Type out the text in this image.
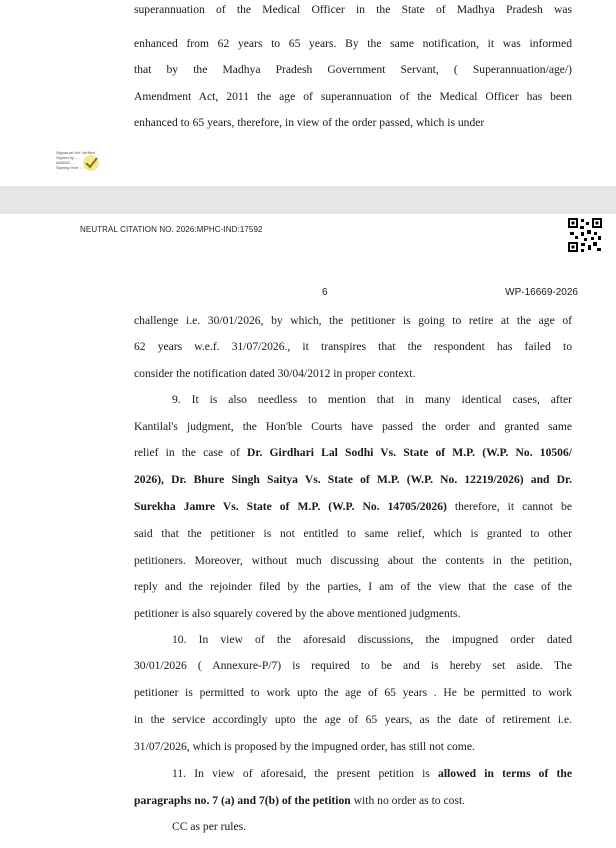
superannuation of the Medical Officer in the State of Madhya Pradesh was
enhanced from 62 years to 65 years. By the same notification, it was informed
that by the Madhya Pradesh Government Servant, ( Superannuation/age/)
Amendment Act, 2011 the age of superannuation of the Medical Officer has been
enhanced to 65 years, therefore, in view of the order passed, which is under
Signature Not Verified
Signed by: ...
ANAND ...
Signing time: ...
...
NEUTRAL CITATION NO. 2026:MPHC-IND:17592
6	WP-16669-2026
challenge i.e. 30/01/2026, by which, the petitioner is going to retire at the age of
62 years w.e.f. 31/07/2026., it transpires that the respondent has failed to
consider the notification dated 30/04/2012 in proper context.
9. It is also needless to mention that in many identical cases, after
Kantilal's judgment, the Hon'ble Courts have passed the order and granted same
relief in the case of Dr. Girdhari Lal Sodhi Vs. State of M.P. (W.P. No. 10506/
2026), Dr. Bhure Singh Saitya Vs. State of M.P. (W.P. No. 12219/2026) and Dr.
Surekha Jamre Vs. State of M.P. (W.P. No. 14705/2026) therefore, it cannot be
said that the petitioner is not entitled to same relief, which is granted to other
petitioners. Moreover, without much discussing about the contents in the petition,
reply and the rejoinder filed by the parties, I am of the view that the case of the
petitioner is also squarely covered by the above mentioned judgments.
10. In view of the aforesaid discussions, the impugned order dated
30/01/2026 ( Annexure-P/7) is required to be and is hereby set aside. The
petitioner is permitted to work upto the age of 65 years . He be permitted to work
in the service accordingly upto the age of 65 years, as the date of retirement i.e.
31/07/2026, which is proposed by the impugned order, has still not come.
11. In view of aforesaid, the present petition is allowed in terms of the
paragraphs no. 7 (a) and 7(b) of the petition with no order as to cost.
CC as per rules.
